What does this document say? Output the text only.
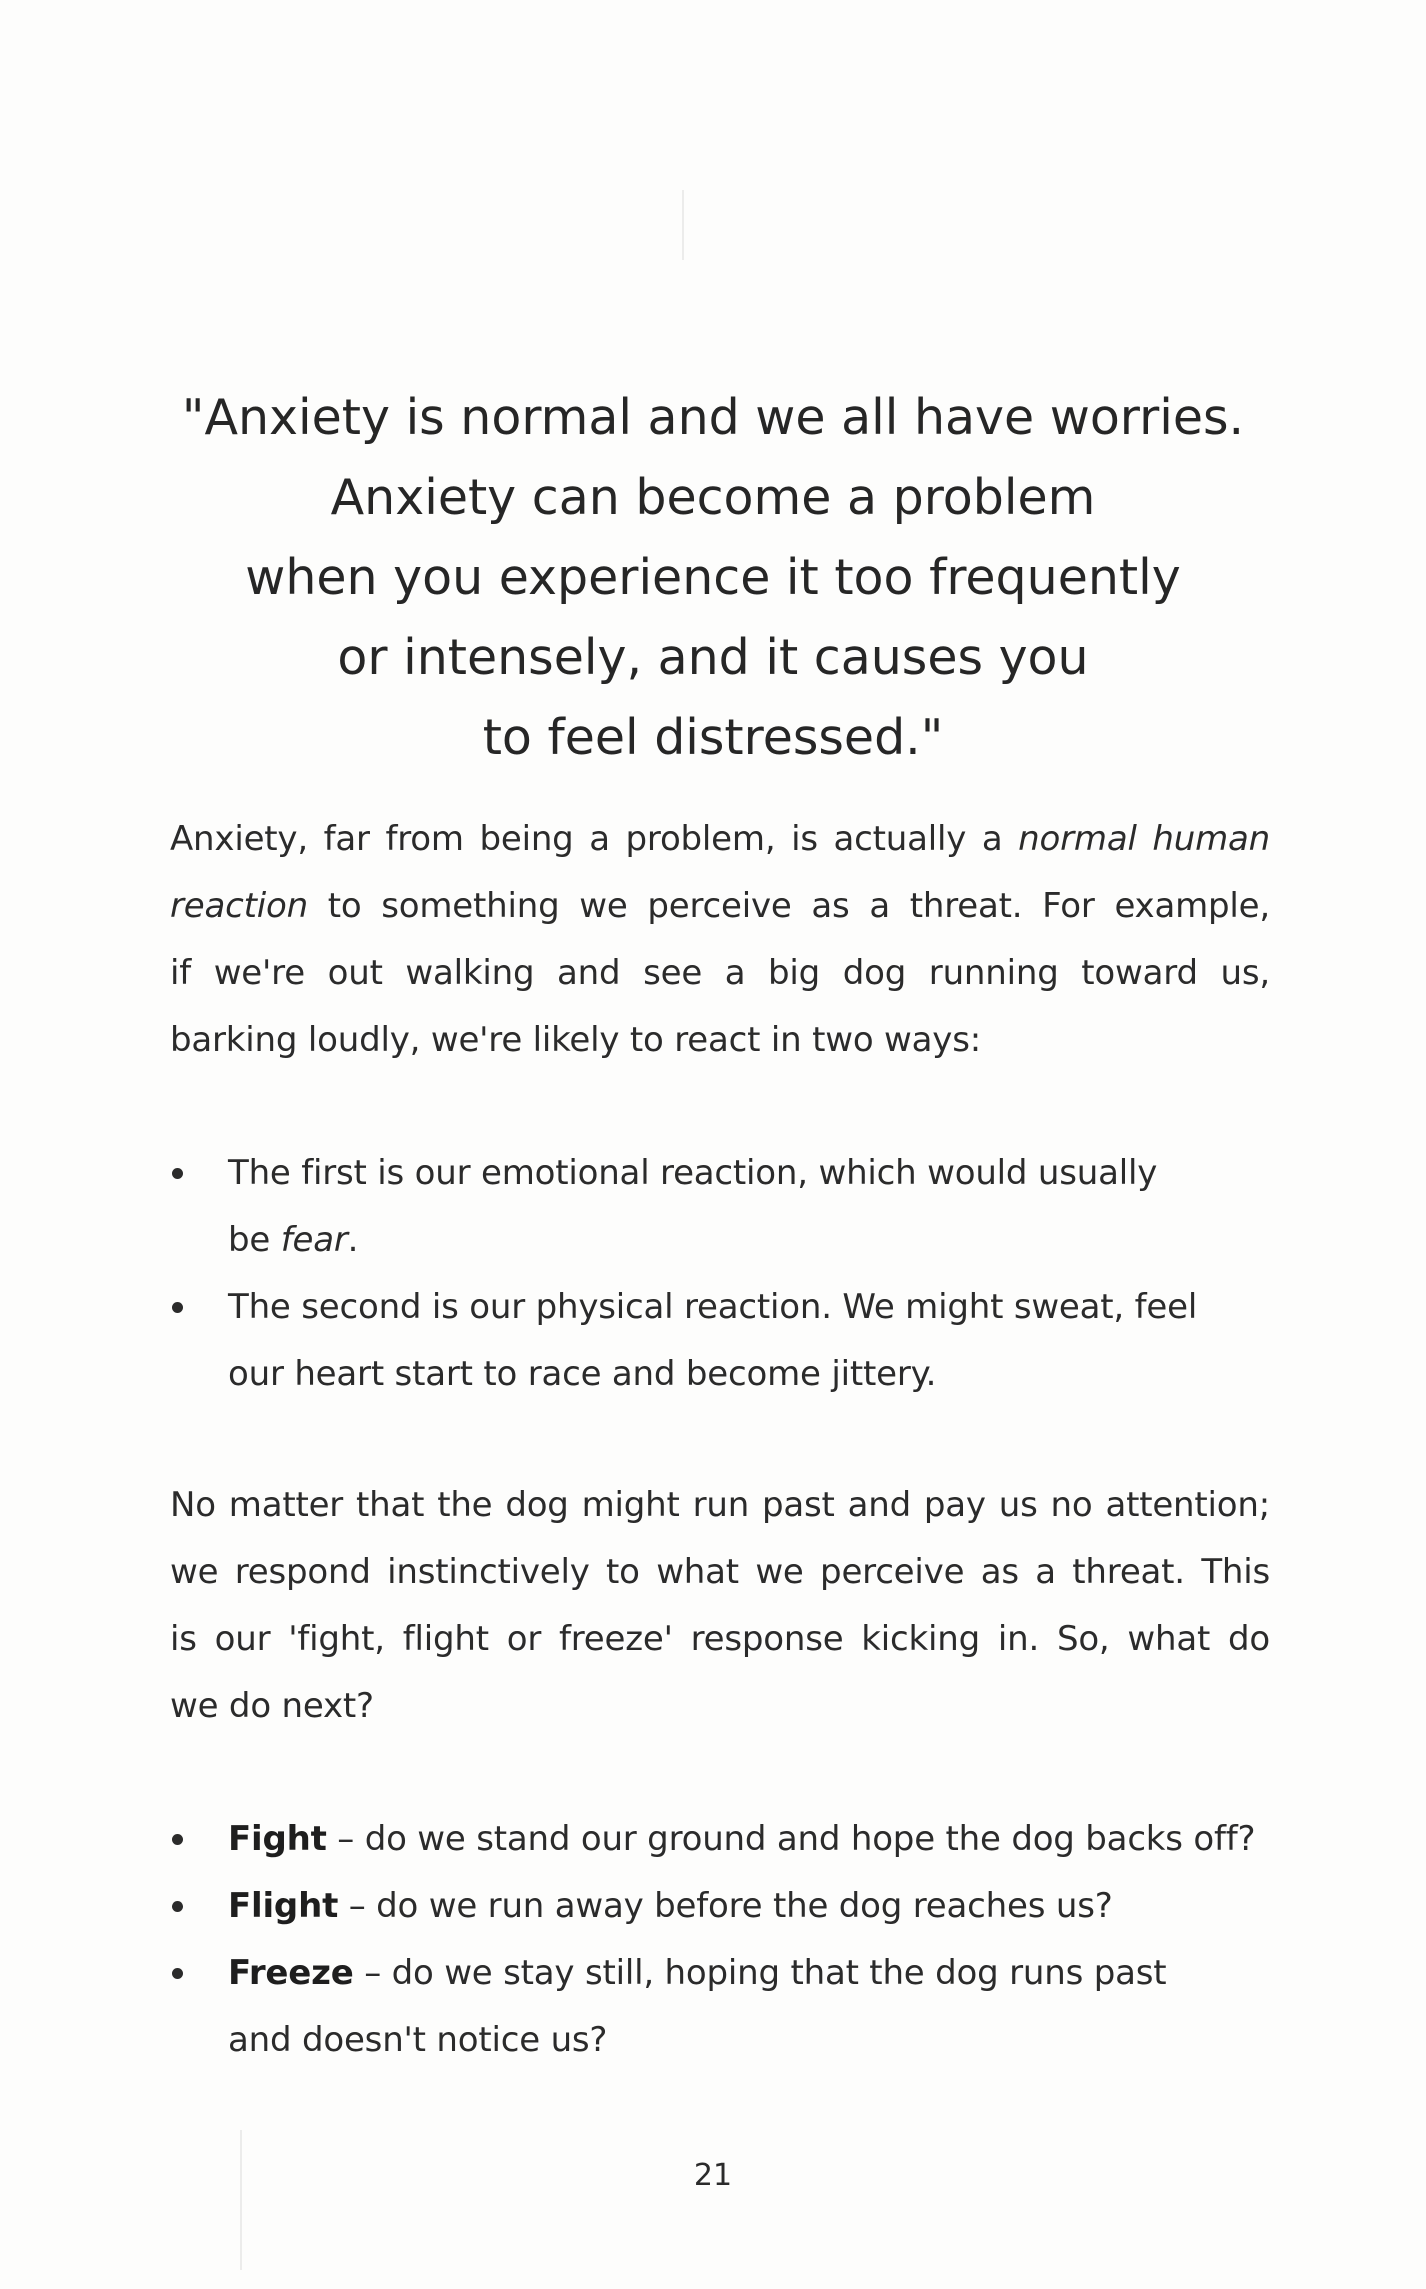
"Anxiety is normal and we all have worries.
Anxiety can become a problem
when you experience it too frequently
or intensely, and it causes you
to feel distressed."
Anxiety, far from being a problem, is actually a normal human
reaction to something we perceive as a threat. For example,
if we're out walking and see a big dog running toward us,
barking loudly, we're likely to react in two ways:
The first is our emotional reaction, which would usually
be fear.
The second is our physical reaction. We might sweat, feel
our heart start to race and become jittery.
No matter that the dog might run past and pay us no attention;
we respond instinctively to what we perceive as a threat. This
is our 'fight, flight or freeze' response kicking in. So, what do
we do next?
Fight – do we stand our ground and hope the dog backs off?
Flight – do we run away before the dog reaches us?
Freeze – do we stay still, hoping that the dog runs past
and doesn't notice us?
21
